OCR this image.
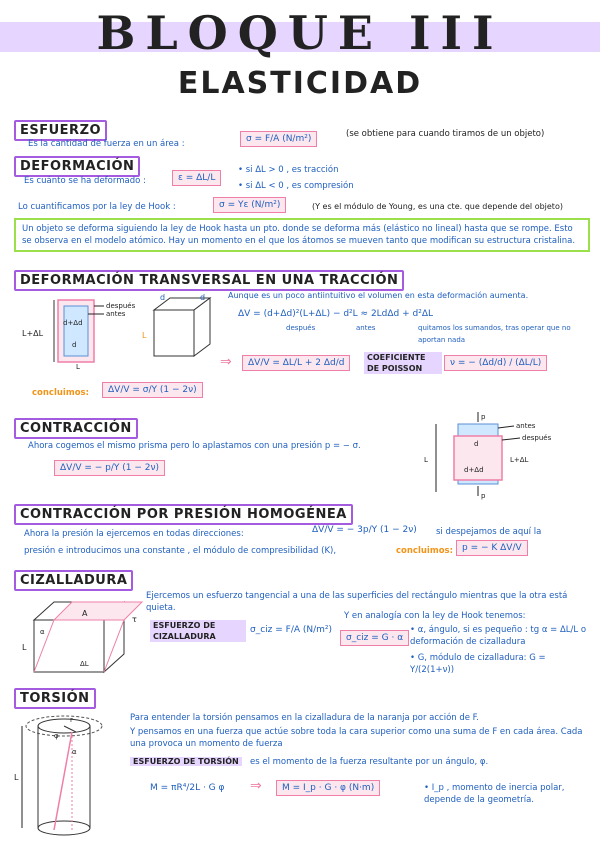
BLOQUE III
ELASTICIDAD
ESFUERZO
Es la cantidad de fuerza en un área :	σ = F/A (N/m²)	(se obtiene para cuando tiramos de un objeto)
DEFORMACIÓN
Es cuánto se ha deformado :	ε = ΔL/L
• si ΔL > 0 , es tracción
• si ΔL < 0 , es compresión
Lo cuantificamos por la ley de Hook :	σ = Yε (N/m²)	(Y es el módulo de Young, es una cte. que depende del objeto)
Un objeto se deforma siguiendo la ley de Hook hasta un pto. donde se deforma más (elástico no lineal) hasta que se rompe. Esto se observa en el modelo atómico. Hay un momento en el que los átomos se mueven tanto que modifican su estructura cristalina.
DEFORMACIÓN TRANSVERSAL EN UNA TRACCIÓN
L+ΔL
d+Δd
d
L
después
antes
d	d
L
Aunque es un poco antiintuitivo el volumen en esta deformación aumenta.
ΔV = (d+Δd)²(L+ΔL) − d²L ≈ 2LdΔd + d²ΔL
después	antes	quitamos los sumandos, tras operar que no aportan nada
⇒	ΔV/V = ΔL/L + 2 Δd/d
COEFICIENTE DE POISSON
ν = − (Δd/d) / (ΔL/L)
concluimos:	ΔV/V = σ/Y (1 − 2ν)
CONTRACCIÓN
Ahora cogemos el mismo prisma pero lo aplastamos con una presión p = − σ.
ΔV/V = − p/Y (1 − 2ν)
p
d
d+Δd
p
L
antes
después
L+ΔL
CONTRACCIÓN POR PRESIÓN HOMOGÉNEA
Ahora la presión la ejercemos en todas direcciones:	ΔV/V = − 3p/Y (1 − 2ν) si despejamos de aquí la
presión e introducimos una constante , el módulo de compresibilidad (K),	concluimos: p = − K ΔV/V
CIZALLADURA
A
τ
L
α
ΔL
Ejercemos un esfuerzo tangencial a una de las superficies del rectángulo mientras que la otra está quieta.
ESFUERZO DE CIZALLADURA
σ_ciz = F/A (N/m²)
Y en analogía con la ley de Hook tenemos:
σ_ciz = G · α
• α, ángulo, si es pequeño : tg α = ΔL/L o deformación de cizalladura
• G, módulo de cizalladura: G = Y/(2(1+ν))
TORSIÓN
r
φ
α
L
Para entender la torsión pensamos en la cizalladura de la naranja por acción de F.
Y pensamos en una fuerza que actúe sobre toda la cara superior como una suma de F en cada área. Cada una provoca un momento de fuerza
ESFUERZO DE TORSIÓN	es el momento de la fuerza resultante por un ángulo, φ.
M = πR⁴/2L · G φ ⇒	M = I_p · G · φ (N·m)	• I_p , momento de inercia polar, depende de la geometría.
